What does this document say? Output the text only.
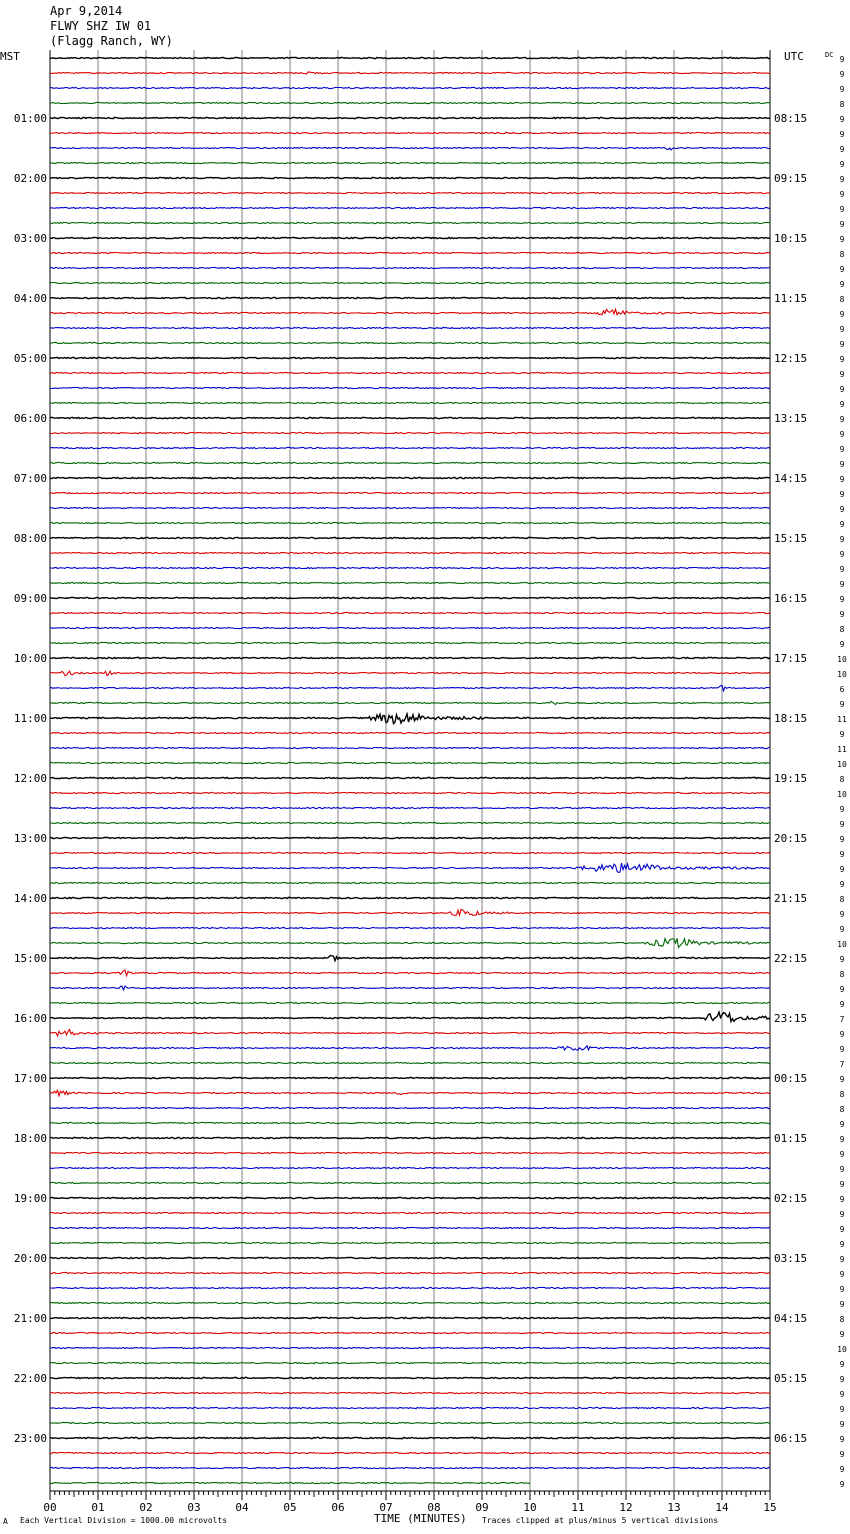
Apr 9,2014
FLWY SHZ IW 01
(Flagg Ranch, WY)
9
9
9
8
9
9
9
9
9
9
9
9
9
8
9
9
8
9
9
9
9
9
9
9
9
9
9
9
9
9
9
9
9
9
9
9
9
9
8
9
10
10
6
9
11
9
11
10
8
10
9
9
9
9
9
9
8
9
9
10
9
8
9
9
7
9
9
7
9
8
8
9
9
9
9
9
9
9
9
9
9
9
9
9
8
9
10
9
9
9
9
9
9
9
9
9
MST	UTC	DC
01:00
02:00
03:00
04:00
05:00
06:00
07:00
08:00
09:00
10:00
11:00
12:00
13:00
14:00
15:00
16:00
17:00
18:00
19:00
20:00
21:00
22:00
23:00
08:15
09:15
10:15
11:15
12:15
13:15
14:15
15:15
16:15
17:15
18:15
19:15
20:15
21:15
22:15
23:15
00:15
01:15
02:15
03:15
04:15
05:15
06:15
00	01	02	03	04	05	06	07	08	09	10	11	12	13	14	15
A Each Vertical Division = 1000.00 microvolts	TIME (MINUTES) Traces clipped at plus/minus 5 vertical divisions
